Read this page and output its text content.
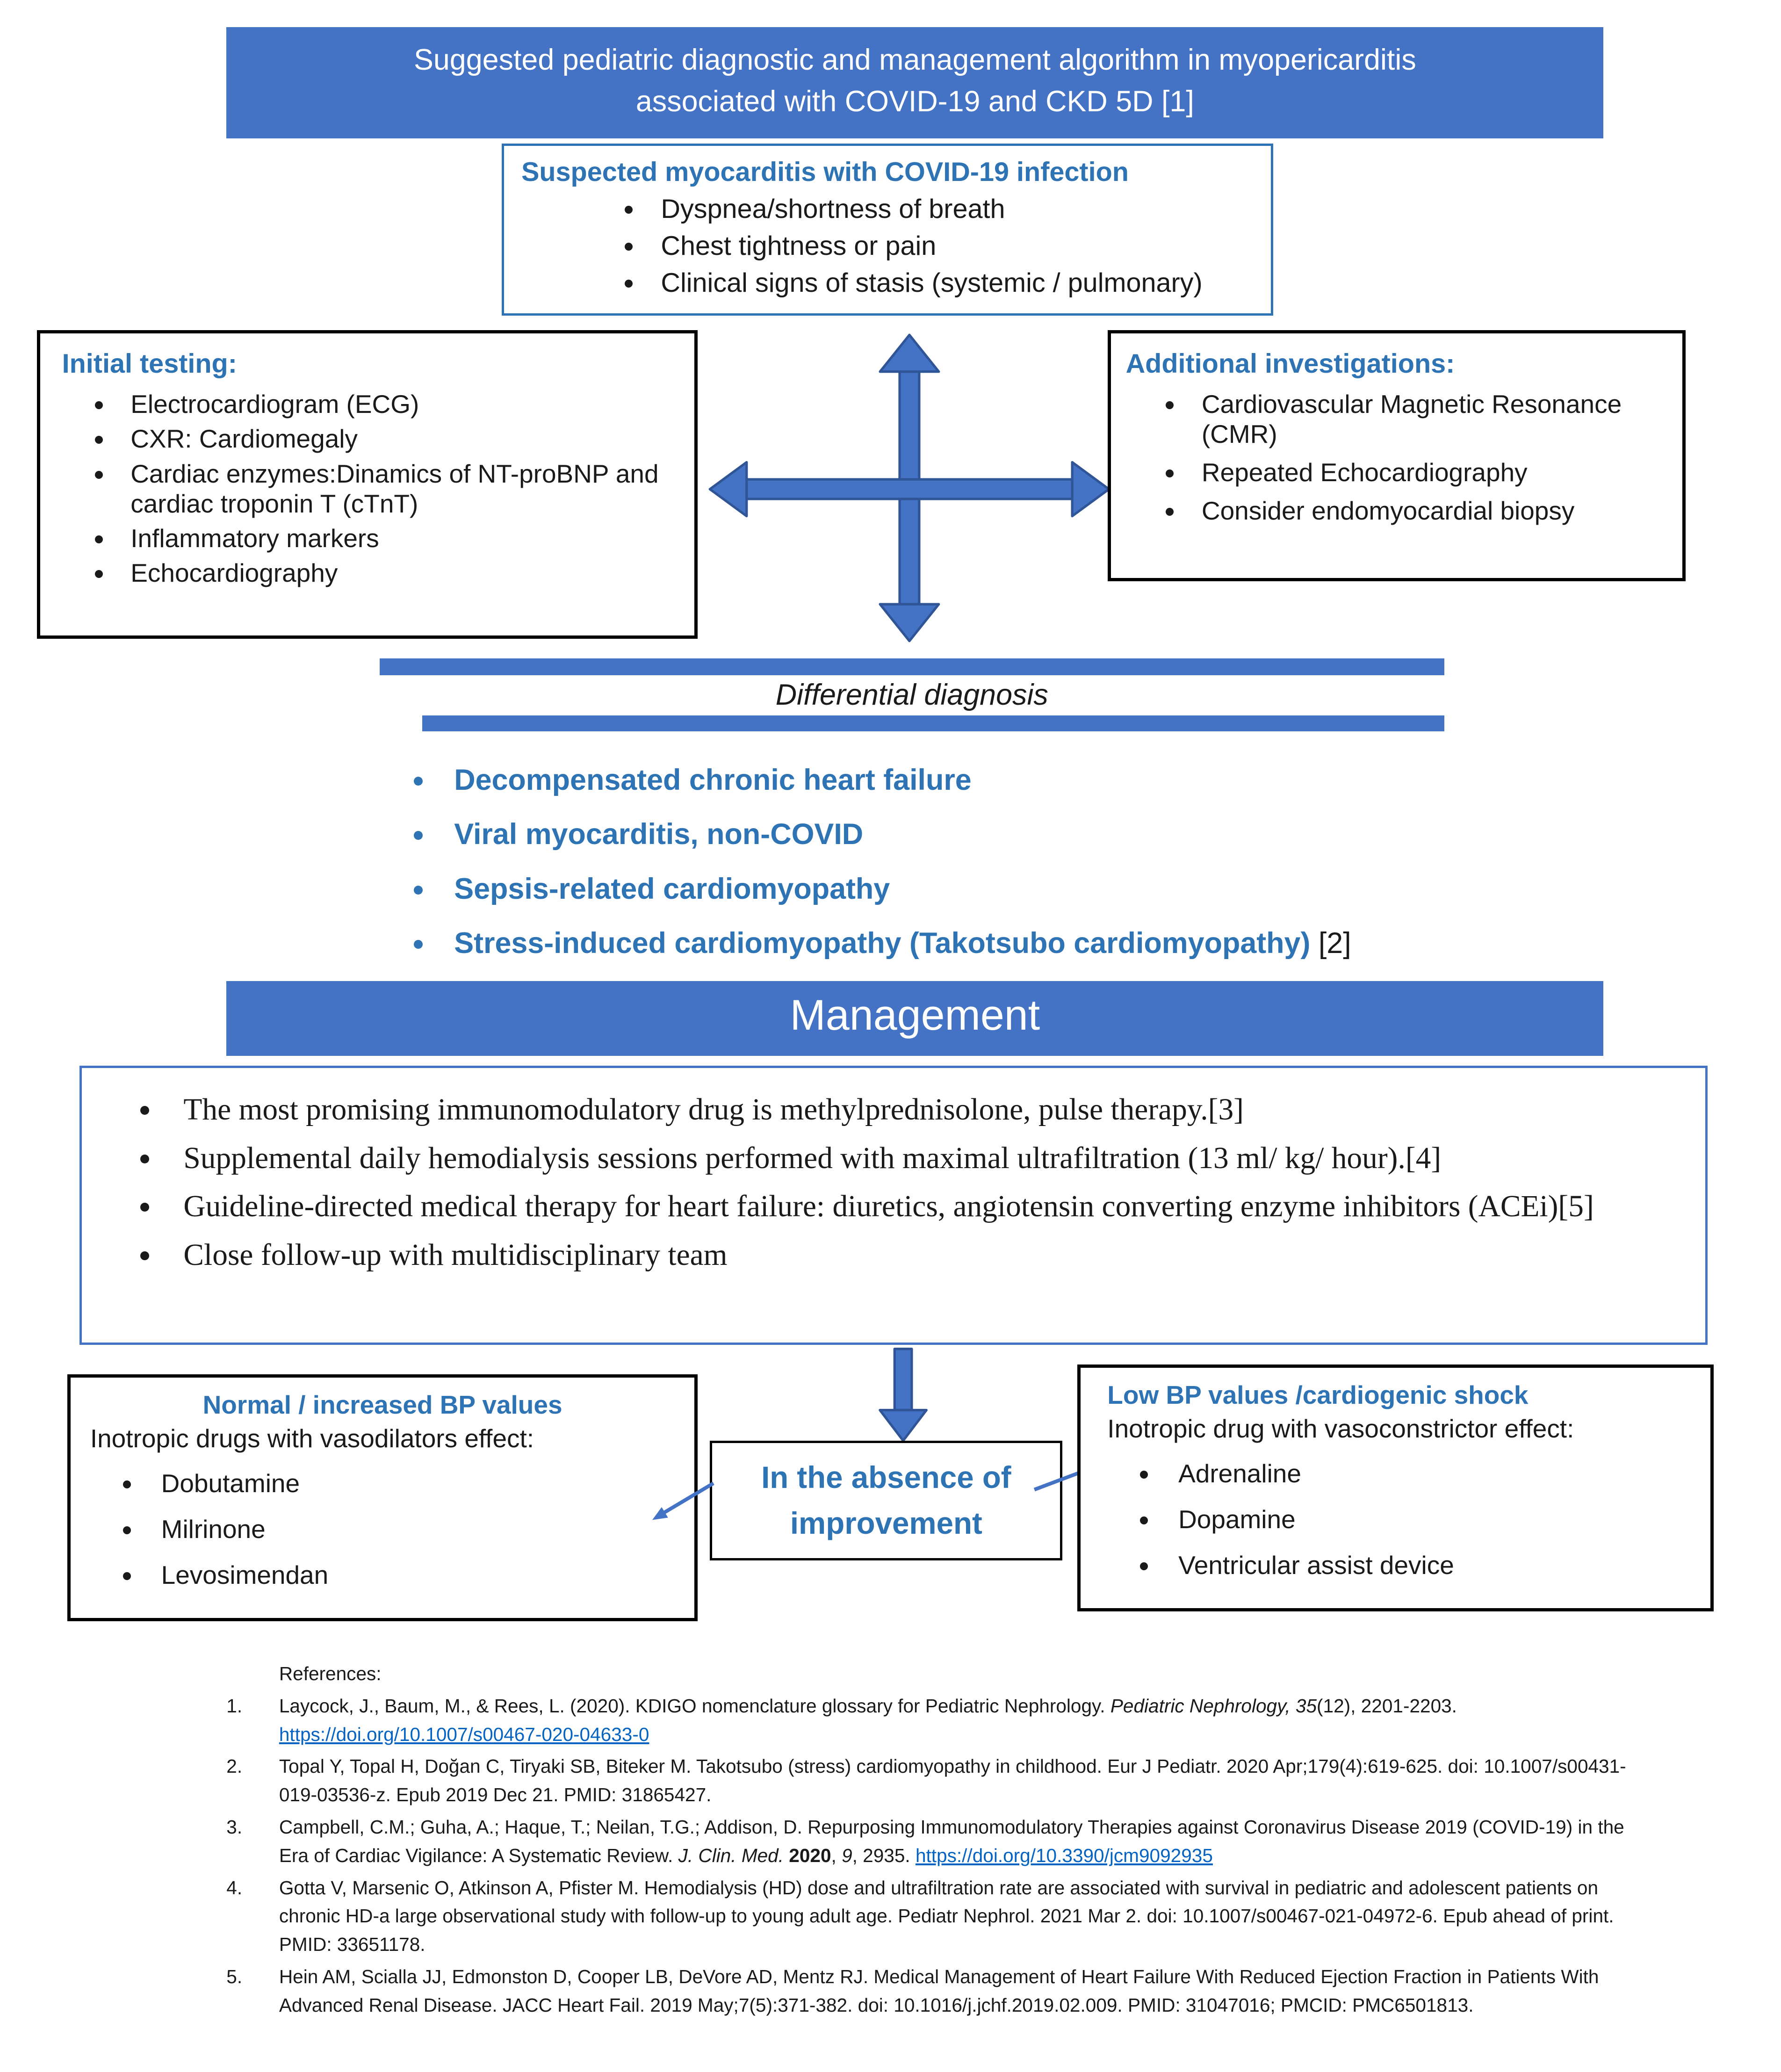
Suggested pediatric diagnostic and management algorithm in myopericarditis
associated with COVID-19 and CKD 5D [1]
Suspected myocarditis with COVID-19 infection
• Dyspnea/shortness of breath
• Chest tightness or pain
• Clinical signs of stasis (systemic / pulmonary)
Initial testing:
• Electrocardiogram (ECG)
• CXR: Cardiomegaly
• Cardiac enzymes:Dinamics of NT-proBNP and cardiac troponin T (cTnT)
• Inflammatory markers
• Echocardiography
Additional investigations:
• Cardiovascular Magnetic Resonance (CMR)
• Repeated Echocardiography
• Consider endomyocardial biopsy
Differential diagnosis
• Decompensated chronic heart failure
• Viral myocarditis, non-COVID
• Sepsis-related cardiomyopathy
• Stress-induced cardiomyopathy (Takotsubo cardiomyopathy) [2]
Management
• The most promising immunomodulatory drug is methylprednisolone, pulse therapy.[3]
• Supplemental daily hemodialysis sessions performed with maximal ultrafiltration (13 ml/ kg/ hour).[4]
• Guideline-directed medical therapy for heart failure: diuretics, angiotensin converting enzyme inhibitors (ACEi)[5]
• Close follow-up with multidisciplinary team
Normal / increased BP values
Inotropic drugs with vasodilators effect:
• Dobutamine
• Milrinone
• Levosimendan
In the absence of
improvement
Low BP values /cardiogenic shock
Inotropic drug with vasoconstrictor effect:
• Adrenaline
• Dopamine
• Ventricular assist device
References:
1.	Laycock, J., Baum, M., & Rees, L. (2020). KDIGO nomenclature glossary for Pediatric Nephrology. Pediatric Nephrology, 35(12), 2201-2203. https://doi.org/10.1007/s00467-020-04633-0
2.	Topal Y, Topal H, Doğan C, Tiryaki SB, Biteker M. Takotsubo (stress) cardiomyopathy in childhood. Eur J Pediatr. 2020 Apr;179(4):619-625. doi: 10.1007/s00431-019-03536-z. Epub 2019 Dec 21. PMID: 31865427.
3.	Campbell, C.M.; Guha, A.; Haque, T.; Neilan, T.G.; Addison, D. Repurposing Immunomodulatory Therapies against Coronavirus Disease 2019 (COVID-19) in the Era of Cardiac Vigilance: A Systematic Review. J. Clin. Med. 2020, 9, 2935. https://doi.org/10.3390/jcm9092935
4.	Gotta V, Marsenic O, Atkinson A, Pfister M. Hemodialysis (HD) dose and ultrafiltration rate are associated with survival in pediatric and adolescent patients on chronic HD-a large observational study with follow-up to young adult age. Pediatr Nephrol. 2021 Mar 2. doi: 10.1007/s00467-021-04972-6. Epub ahead of print. PMID: 33651178.
5.	Hein AM, Scialla JJ, Edmonston D, Cooper LB, DeVore AD, Mentz RJ. Medical Management of Heart Failure With Reduced Ejection Fraction in Patients With Advanced Renal Disease. JACC Heart Fail. 2019 May;7(5):371-382. doi: 10.1016/j.jchf.2019.02.009. PMID: 31047016; PMCID: PMC6501813.
